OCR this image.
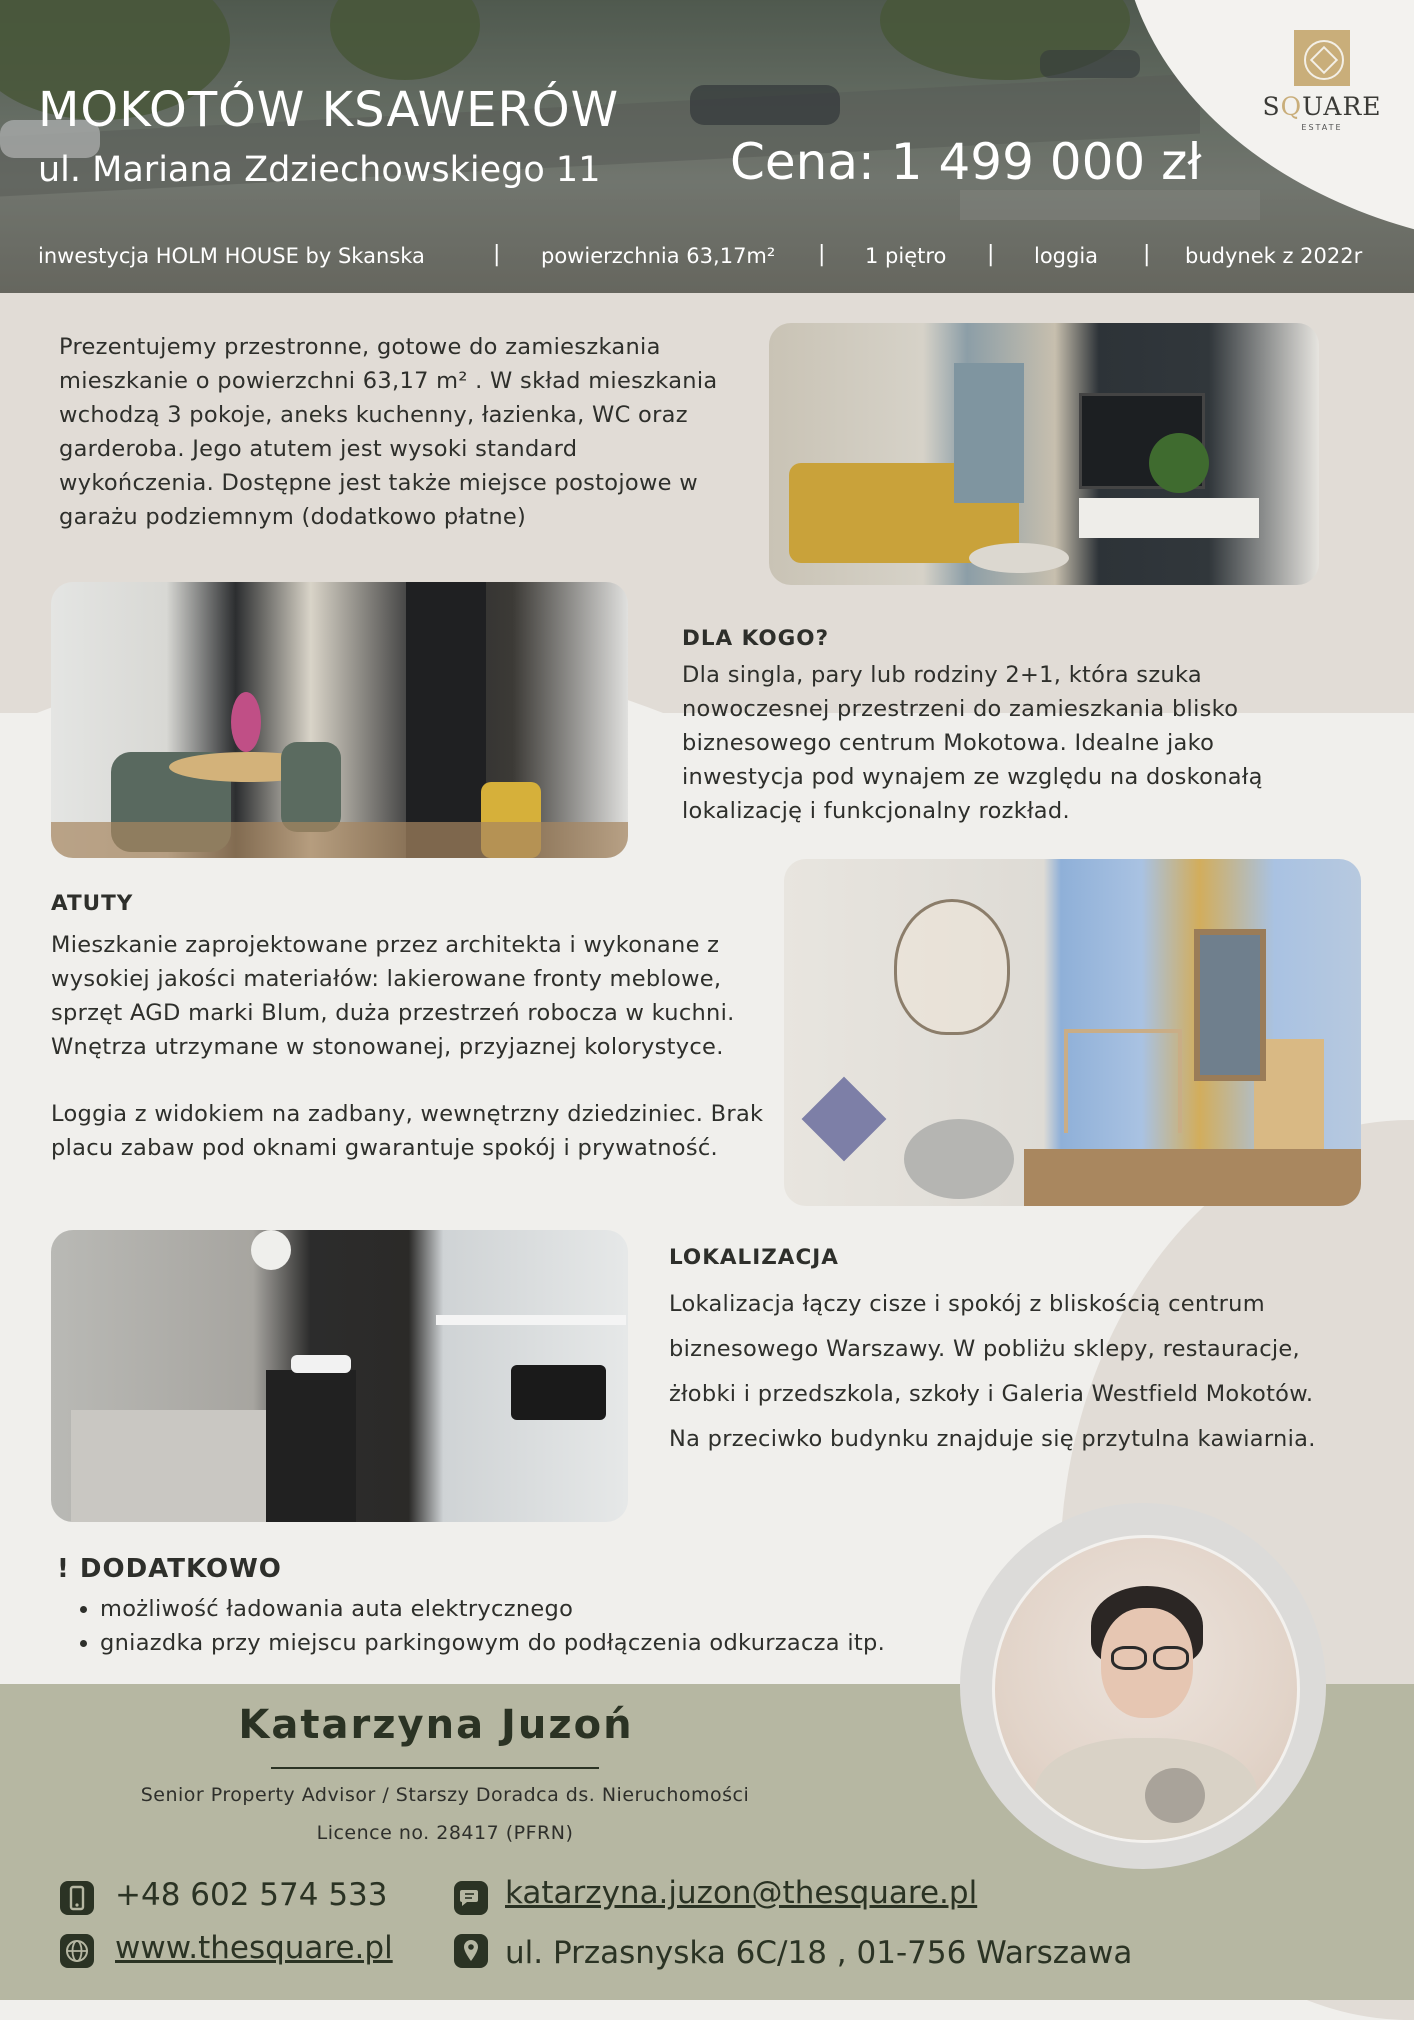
MOKOTÓW KSAWERÓW
ul. Mariana Zdziechowskiego 11	Cena: 1 499 000 zł
inwestycja HOLM HOUSE by Skanska	| powierzchnia 63,17m² | 1 piętro | loggia | budynek z 2022r
SQUARE
ESTATE
Prezentujemy przestronne, gotowe do zamieszkania mieszkanie o powierzchni 63,17 m² . W skład mieszkania wchodzą 3 pokoje, aneks kuchenny, łazienka, WC oraz garderoba. Jego atutem jest wysoki standard wykończenia. Dostępne jest także miejsce postojowe w garażu podziemnym (dodatkowo płatne)
DLA KOGO?
Dla singla, pary lub rodziny 2+1, która szuka nowoczesnej przestrzeni do zamieszkania blisko biznesowego centrum Mokotowa. Idealne jako inwestycja pod wynajem ze względu na doskonałą lokalizację i funkcjonalny rozkład.
ATUTY
Mieszkanie zaprojektowane przez architekta i wykonane z wysokiej jakości materiałów: lakierowane fronty meblowe, sprzęt AGD marki Blum, duża przestrzeń robocza w kuchni. Wnętrza utrzymane w stonowanej, przyjaznej kolorystyce.
Loggia z widokiem na zadbany, wewnętrzny dziedziniec. Brak placu zabaw pod oknami gwarantuje spokój i prywatność.
LOKALIZACJA
Lokalizacja łączy cisze i spokój z bliskością centrum biznesowego Warszawy. W pobliżu sklepy, restauracje, żłobki i przedszkola, szkoły i Galeria Westfield Mokotów. Na przeciwko budynku znajduje się przytulna kawiarnia.
! DODATKOWO
• możliwość ładowania auta elektrycznego
• gniazdka przy miejscu parkingowym do podłączenia odkurzacza itp.
Katarzyna Juzoń
Senior Property Advisor / Starszy Doradca ds. Nieruchomości
Licence no. 28417 (PFRN)
+48 602 574 533
www.thesquare.pl
katarzyna.juzon@thesquare.pl
ul. Przasnyska 6C/18 , 01-756 Warszawa
